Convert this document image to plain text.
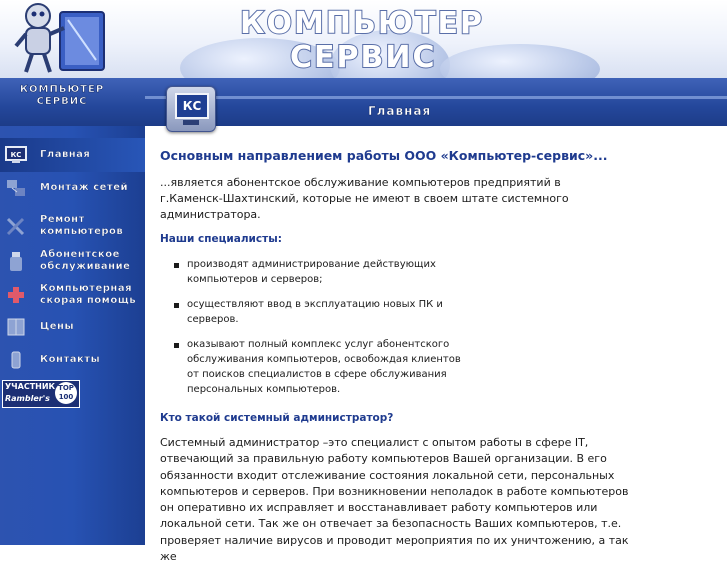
КОМПЬЮТЕР
СЕРВИС
КОМПЬЮТЕР
СЕРВИС	КС	Главная
КС Главная
Монтаж сетей
Ремонт компьютеров
Абонентское обслуживание
Компьютерная скорая помощь
Цены
Контакты
УЧАСТНИК
Rambler's
TOP
100
Основным направлением работы ООО «Компьютер-сервис»...
...является абонентское обслуживание компьютеров предприятий в г.Каменск-Шахтинский, которые не имеют в своем штате системного администратора.
Наши специалисты:
производят администрирование действующих компьютеров и серверов;
осуществляют ввод в эксплуатацию новых ПК и серверов.
оказывают полный комплекс услуг абонентского обслуживания компьютеров, освобождая клиентов от поисков специалистов в сфере обслуживания персональных компьютеров.
Кто такой системный администратор?
Системный администратор –это специалист с опытом работы в сфере IT, отвечающий за правильную работу компьютеров Вашей организации. В его обязанности входит отслеживание состояния локальной сети, персональных компьютеров и серверов. При возникновении неполадок в работе компьютеров он оперативно их исправляет и восстанавливает работу компьютеров или локальной сети. Так же он отвечает за безопасность Ваших компьютеров, т.е. проверяет наличие вирусов и проводит мероприятия по их уничтожению, а так же
